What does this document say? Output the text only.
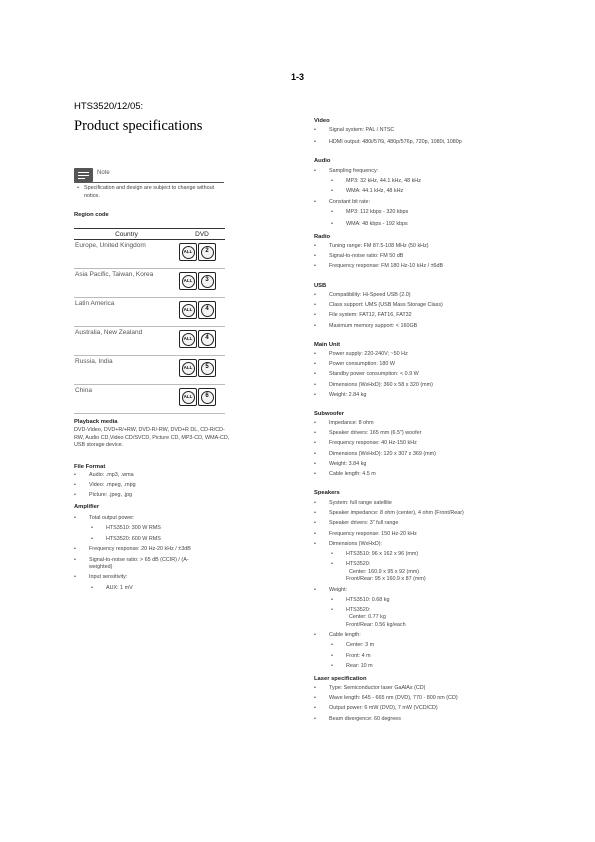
1-3
HTS3520/12/05:
Product specifications
Note
• Specification and design are subject to change without notice.
Region code
Country	DVD
Europe, United Kingdom	ALL 2

Asia Pacific, Taiwan, Korea	ALL 3

Latin America	ALL 4

Australia, New Zealand	ALL 4

Russia, India	ALL 5

China	ALL 6
Playback media
DVD-Video, DVD+R/+RW, DVD-R/-RW, DVD+R DL, CD-R/CD-RW, Audio CD,Video CD/SVCD, Picture CD, MP3-CD, WMA-CD, USB storage device.
File Format
• Audio: .mp3, .wma
• Video: .mpeg, .mpg
• Picture: .jpeg, .jpg
Amplifier
• Total output power:
• HTS3510: 300 W RMS
• HTS3520: 600 W RMS
• Frequency response: 20 Hz-20 kHz / ±3dB
• Signal-to-noise ratio: > 65 dB (CCIR) / (A-weighted)
• Input sensitivity:
• AUX: 1 mV
Video
• Signal system: PAL / NTSC
• HDMI output: 480i/576i, 480p/576p, 720p, 1080i, 1080p
Audio
• Sampling frequency:
• MP3: 32 kHz, 44.1 kHz, 48 kHz
• WMA: 44.1 kHz, 48 kHz
• Constant bit rate:
• MP3: 112 kbps - 320 kbps
• WMA: 48 kbps - 192 kbps
Radio
• Tuning range: FM 87.5-108 MHz (50 kHz)
• Signal-to-noise ratio: FM 50 dB
• Frequency response: FM 180 Hz-10 kHz / ±6dB
USB
• Compatibility: Hi-Speed USB (2.0)
• Class support: UMS (USB Mass Storage Class)
• File system: FAT12, FAT16, FAT32
• Maximum memory support: < 160GB
Main Unit
• Power supply: 220-240V; ~50 Hz
• Power consumption: 180 W
• Standby power consumption: < 0.9 W
• Dimensions (WxHxD): 360 x 58 x 320 (mm)
• Weight: 2.84 kg
Subwoofer
• Impedance: 8 ohm
• Speaker drivers: 165 mm (6.5") woofer
• Frequency response: 40 Hz-150 kHz
• Dimensions (WxHxD): 120 x 307 x 369 (mm)
• Weight: 3.84 kg
• Cable length: 4.5 m
Speakers
• System: full range satellite
• Speaker impedance: 8 ohm (center), 4 ohm (Front/Rear)
• Speaker drivers: 3" full range
• Frequency response: 150 Hz-20 kHz
• Dimensions (WxHxD):
• HTS3510: 96 x 162 x 96 (mm)
• HTS3520:
Center: 160.9 x 95 x 92 (mm)
Front/Rear: 95 x 160.9 x 87 (mm)
• Weight:
• HTS3510: 0.68 kg
• HTS3520:
Center: 0.77 kg
Front/Rear: 0.56 kg/each
• Cable length:
• Center: 3 m
• Front: 4 m
• Rear: 10 m
Laser specification
• Type: Semiconductor laser GaAlAs (CD)
• Wave length: 645 - 665 nm (DVD), 770 - 800 nm (CD)
• Output power: 6 mW (DVD), 7 mW (VCD/CD)
• Beam divergence: 60 degrees
